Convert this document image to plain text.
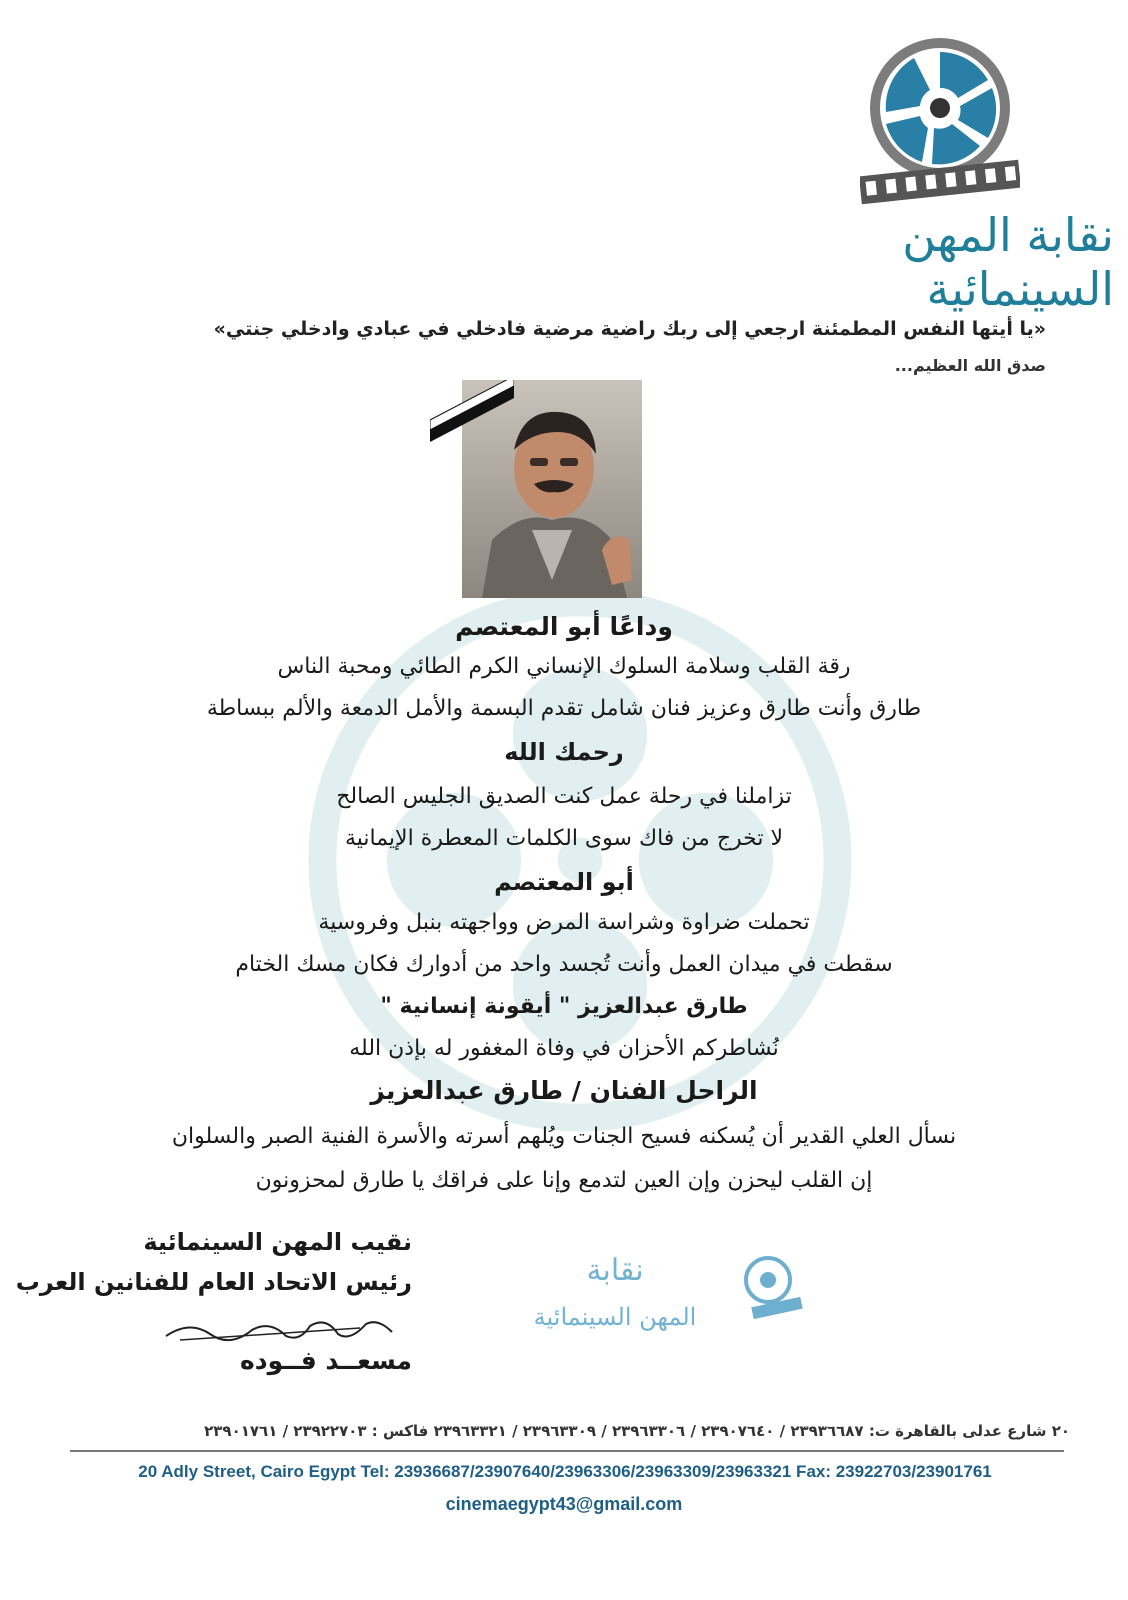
نقابة المهن السينمائية
«يا أيتها النفس المطمئنة ارجعي إلى ربك راضية مرضية فادخلي في عبادي وادخلي جنتي»
صدق الله العظيم...
وداعًا أبو المعتصم
رقة القلب وسلامة السلوك الإنساني الكرم الطائي ومحبة الناس
طارق وأنت طارق وعزيز فنان شامل تقدم البسمة والأمل الدمعة والألم ببساطة
رحمك الله
تزاملنا في رحلة عمل كنت الصديق الجليس الصالح
لا تخرج من فاك سوى الكلمات المعطرة الإيمانية
أبو المعتصم
تحملت ضراوة وشراسة المرض وواجهته بنبل وفروسية
سقطت في ميدان العمل وأنت تُجسد واحد من أدوارك فكان مسك الختام
طارق عبدالعزيز " أيقونة إنسانية "
نُشاطركم الأحزان في وفاة المغفور له بإذن الله
الراحل الفنان / طارق عبدالعزيز
نسأل العلي القدير أن يُسكنه فسيح الجنات ويُلهم أسرته والأسرة الفنية الصبر والسلوان
إن القلب ليحزن وإن العين لتدمع وإنا على فراقك يا طارق لمحزونون
نقيب المهن السينمائية
رئيس الاتحاد العام للفنانين العرب
مسعــد فــوده
نقابة
المهن السينمائية
٢٠ شارع عدلى بالقاهرة ت: ٢٣٩٣٦٦٨٧ / ٢٣٩٠٧٦٤٠ / ٢٣٩٦٣٣٠٦ / ٢٣٩٦٣٣٠٩ / ٢٣٩٦٣٣٢١ فاكس : ٢٣٩٢٢٧٠٣ / ٢٣٩٠١٧٦١
20 Adly Street, Cairo Egypt Tel: 23936687/23907640/23963306/23963309/23963321 Fax: 23922703/23901761
cinemaegypt43@gmail.com
